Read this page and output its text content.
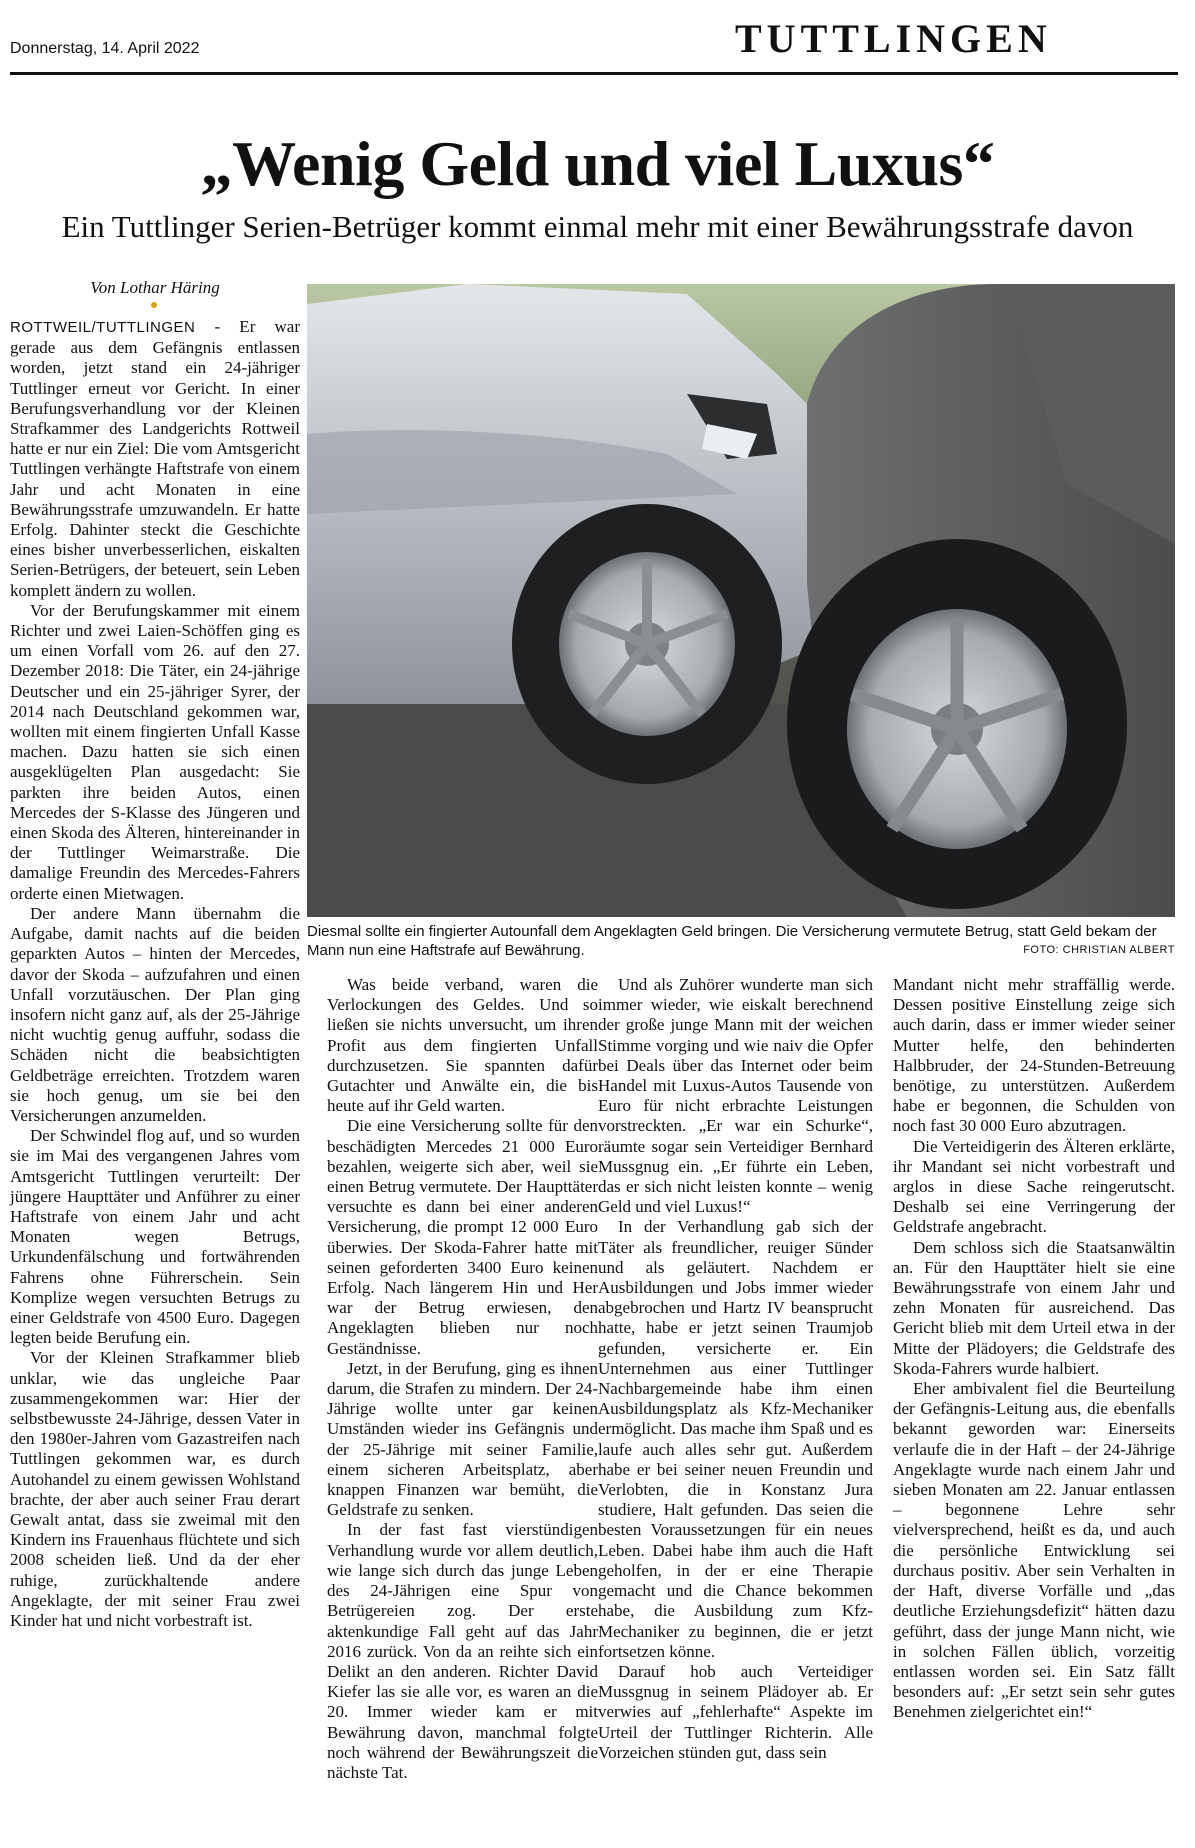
Donnerstag, 14. April 2022	TUTTLINGEN
„Wenig Geld und viel Luxus“
Ein Tuttlinger Serien-Betrüger kommt einmal mehr mit einer Bewährungsstrafe davon
Von Lothar Häring

ROTTWEIL/TUTTLINGEN - Er war gerade aus dem Gefängnis entlassen worden, jetzt stand ein 24-jähriger Tuttlinger erneut vor Gericht. In einer Berufungsverhandlung vor der Kleinen Strafkammer des Landgerichts Rottweil hatte er nur ein Ziel: Die vom Amtsgericht Tuttlingen verhängte Haftstrafe von einem Jahr und acht Monaten in eine Bewährungsstrafe umzuwandeln. Er hatte Erfolg. Dahinter steckt die Geschichte eines bisher unverbesserlichen, eiskalten Serien-Betrügers, der beteuert, sein Leben komplett ändern zu wollen.

Vor der Berufungskammer mit einem Richter und zwei Laien-Schöffen ging es um einen Vorfall vom 26. auf den 27. Dezember 2018: Die Täter, ein 24-jährige Deutscher und ein 25-jähriger Syrer, der 2014 nach Deutschland gekommen war, wollten mit einem fingierten Unfall Kasse machen. Dazu hatten sie sich einen ausgeklügelten Plan ausgedacht: Sie parkten ihre beiden Autos, einen Mercedes der S-Klasse des Jüngeren und einen Skoda des Älteren, hintereinander in der Tuttlinger Weimarstraße. Die damalige Freundin des Mercedes-Fahrers orderte einen Mietwagen.

Der andere Mann übernahm die Aufgabe, damit nachts auf die beiden geparkten Autos – hinten der Mercedes, davor der Skoda – aufzufahren und einen Unfall vorzutäuschen. Der Plan ging insofern nicht ganz auf, als der 25-Jährige nicht wuchtig genug auffuhr, sodass die Schäden nicht die beabsichtigten Geldbeträge erreichten. Trotzdem waren sie hoch genug, um sie bei den Versicherungen anzumelden.

Der Schwindel flog auf, und so wurden sie im Mai des vergangenen Jahres vom Amtsgericht Tuttlingen verurteilt: Der jüngere Haupttäter und Anführer zu einer Haftstrafe von einem Jahr und acht Monaten wegen Betrugs, Urkundenfälschung und fortwährenden Fahrens ohne Führerschein. Sein Komplize wegen versuchten Betrugs zu einer Geldstrafe von 4500 Euro. Dagegen legten beide Berufung ein.

Vor der Kleinen Strafkammer blieb unklar, wie das ungleiche Paar zusammengekommen war: Hier der selbstbewusste 24-Jährige, dessen Vater in den 1980er-Jahren vom Gazastreifen nach Tuttlingen gekommen war, es durch Autohandel zu einem gewissen Wohlstand brachte, der aber auch seiner Frau derart Gewalt antat, dass sie zweimal mit den Kindern ins Frauenhaus flüchtete und sich 2008 scheiden ließ. Und da der eher ruhige, zurückhaltende andere Angeklagte, der mit seiner Frau zwei Kinder hat und nicht vorbestraft ist.

Diesmal sollte ein fingierter Autounfall dem Angeklagten Geld bringen. Die Versicherung vermutete Betrug, statt Geld bekam der Mann nun eine Haftstrafe auf Bewährung.	FOTO: CHRISTIAN ALBERT

Was beide verband, waren die Verlockungen des Geldes. Und so ließen sie nichts unversucht, um ihren Profit aus dem fingierten Unfall durchzusetzen. Sie spannten dafür Gutachter und Anwälte ein, die bis heute auf ihr Geld warten.

Die eine Versicherung sollte für den beschädigten Mercedes 21 000 Euro bezahlen, weigerte sich aber, weil sie einen Betrug vermutete. Der Haupttäter versuchte es dann bei einer anderen Versicherung, die prompt 12 000 Euro überwies. Der Skoda-Fahrer hatte mit seinen geforderten 3400 Euro keinen Erfolg. Nach längerem Hin und Her war der Betrug erwiesen, den Angeklagten blieben nur noch Geständnisse.

Jetzt, in der Berufung, ging es ihnen darum, die Strafen zu mindern. Der 24-Jährige wollte unter gar keinen Umständen wieder ins Gefängnis und der 25-Jährige mit seiner Familie, einem sicheren Arbeitsplatz, aber knappen Finanzen war bemüht, die Geldstrafe zu senken.

In der fast fast vierstündigen Verhandlung wurde vor allem deutlich, wie lange sich durch das junge Leben des 24-Jährigen eine Spur von Betrügereien zog. Der erste aktenkundige Fall geht auf das Jahr 2016 zurück. Von da an reihte sich ein Delikt an den anderen. Richter David Kiefer las sie alle vor, es waren an die 20. Immer wieder kam er mit Bewährung davon, manchmal folgte noch während der Bewährungszeit die nächste Tat.

Und als Zuhörer wunderte man sich immer wieder, wie eiskalt berechnend der große junge Mann mit der weichen Stimme vorging und wie naiv die Opfer bei Deals über das Internet oder beim Handel mit Luxus-Autos Tausende von Euro für nicht erbrachte Leistungen vorstreckten. „Er war ein Schurke“, räumte sogar sein Verteidiger Bernhard Mussgnug ein. „Er führte ein Leben, das er sich nicht leisten konnte – wenig Geld und viel Luxus!“

In der Verhandlung gab sich der Täter als freundlicher, reuiger Sünder und als geläutert. Nachdem er Ausbildungen und Jobs immer wieder abgebrochen und Hartz IV beansprucht hatte, habe er jetzt seinen Traumjob gefunden, versicherte er. Ein Unternehmen aus einer Tuttlinger Nachbargemeinde habe ihm einen Ausbildungsplatz als Kfz-Mechaniker ermöglicht. Das mache ihm Spaß und es laufe auch alles sehr gut. Außerdem habe er bei seiner neuen Freundin und Verlobten, die in Konstanz Jura studiere, Halt gefunden. Das seien die besten Voraussetzungen für ein neues Leben. Dabei habe ihm auch die Haft geholfen, in der er eine Therapie gemacht und die Chance bekommen habe, die Ausbildung zum Kfz-Mechaniker zu beginnen, die er jetzt fortsetzen könne.

Darauf hob auch Verteidiger Mussgnug in seinem Plädoyer ab. Er verwies auf „fehlerhafte“ Aspekte im Urteil der Tuttlinger Richterin. Alle Vorzeichen stünden gut, dass sein

Mandant nicht mehr straffällig werde. Dessen positive Einstellung zeige sich auch darin, dass er immer wieder seiner Mutter helfe, den behinderten Halbbruder, der 24-Stunden-Betreuung benötige, zu unterstützen. Außerdem habe er begonnen, die Schulden von noch fast 30 000 Euro abzutragen.

Die Verteidigerin des Älteren erklärte, ihr Mandant sei nicht vorbestraft und arglos in diese Sache reingerutscht. Deshalb sei eine Verringerung der Geldstrafe angebracht.

Dem schloss sich die Staatsanwältin an. Für den Haupttäter hielt sie eine Bewährungsstrafe von einem Jahr und zehn Monaten für ausreichend. Das Gericht blieb mit dem Urteil etwa in der Mitte der Plädoyers; die Geldstrafe des Skoda-Fahrers wurde halbiert.

Eher ambivalent fiel die Beurteilung der Gefängnis-Leitung aus, die ebenfalls bekannt geworden war: Einerseits verlaufe die in der Haft – der 24-Jährige Angeklagte wurde nach einem Jahr und sieben Monaten am 22. Januar entlassen – begonnene Lehre sehr vielversprechend, heißt es da, und auch die persönliche Entwicklung sei durchaus positiv. Aber sein Verhalten in der Haft, diverse Vorfälle und „das deutliche Erziehungsdefizit“ hätten dazu geführt, dass der junge Mann nicht, wie in solchen Fällen üblich, vorzeitig entlassen worden sei. Ein Satz fällt besonders auf: „Er setzt sein sehr gutes Benehmen zielgerichtet ein!“
